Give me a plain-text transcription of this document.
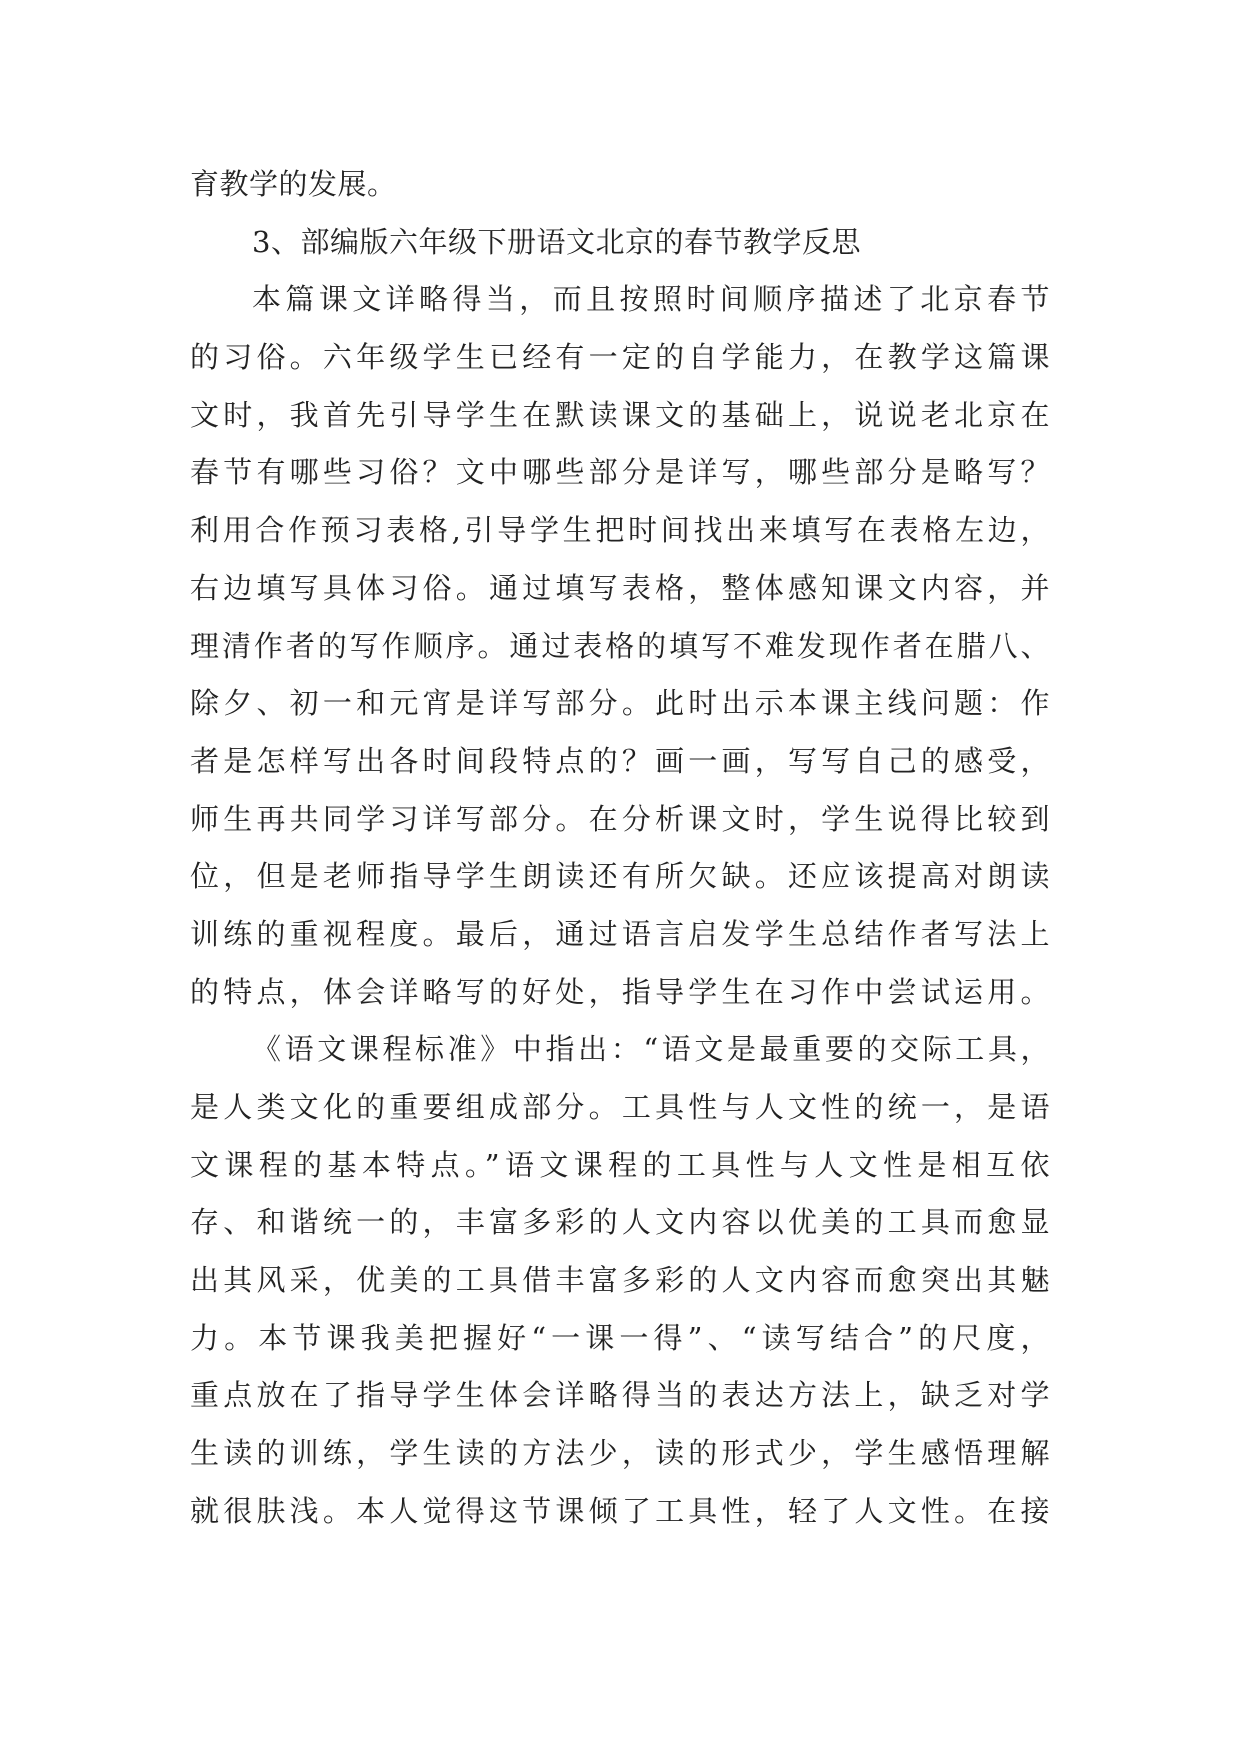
育教学的发展。
3、部编版六年级下册语文北京的春节教学反思
本篇课文详略得当，而且按照时间顺序描述了北京春节
的习俗。六年级学生已经有一定的自学能力，在教学这篇课
文时，我首先引导学生在默读课文的基础上，说说老北京在
春节有哪些习俗？文中哪些部分是详写，哪些部分是略写？
利用合作预习表格,引导学生把时间找出来填写在表格左边，
右边填写具体习俗。通过填写表格，整体感知课文内容，并
理清作者的写作顺序。通过表格的填写不难发现作者在腊八、
除夕、初一和元宵是详写部分。此时出示本课主线问题：作
者是怎样写出各时间段特点的？画一画，写写自己的感受，
师生再共同学习详写部分。在分析课文时，学生说得比较到
位，但是老师指导学生朗读还有所欠缺。还应该提高对朗读
训练的重视程度。最后，通过语言启发学生总结作者写法上
的特点，体会详略写的好处，指导学生在习作中尝试运用。
《语文课程标准》中指出：“语文是最重要的交际工具，
是人类文化的重要组成部分。工具性与人文性的统一，是语
文课程的基本特点。”语文课程的工具性与人文性是相互依
存、和谐统一的，丰富多彩的人文内容以优美的工具而愈显
出其风采，优美的工具借丰富多彩的人文内容而愈突出其魅
力。本节课我美把握好“一课一得”、“读写结合”的尺度，
重点放在了指导学生体会详略得当的表达方法上，缺乏对学
生读的训练，学生读的方法少，读的形式少，学生感悟理解
就很肤浅。本人觉得这节课倾了工具性，轻了人文性。在接
